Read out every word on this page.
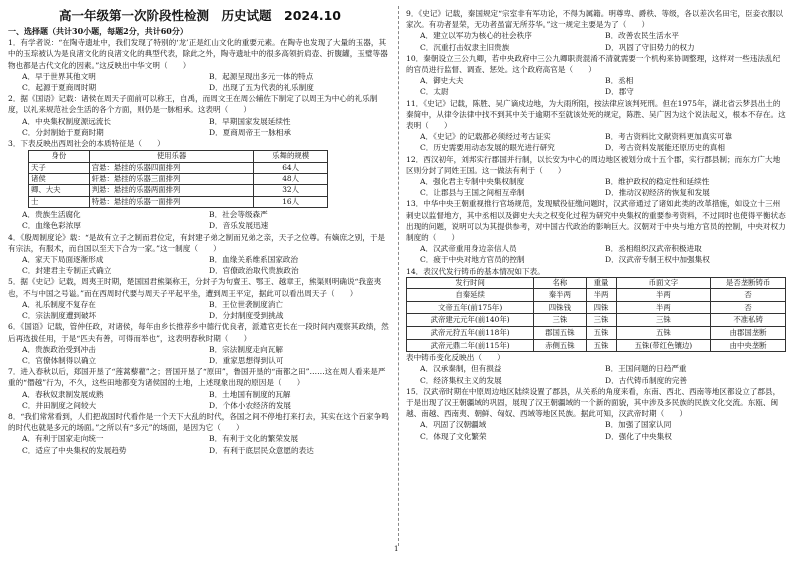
高一年级第一次阶段性检测　历史试题　2024.10

一、选择题（共计30小题，每题2分，共计60分）

1．有学者说：“在陶寺遗址中，我们发现了特别的‘龙’正是红山文化的重要元素。在陶寺也发现了大量的玉器，其中的玉琮被认为是良渚文化的良渚文化的典型代表，除此之外，陶寺遗址中的很多高领折肩壶、折腹罐，玉璧等器物也都是古代文化的因素。”这反映出中华文明（　　）

A．早于世界其他文明	B．起源呈现出多元一体的特点
C．起源于夏商周时期	D．出现了五为代表的礼乐制度

2．据《国语》记载：诸侯在周天子面前可以称王，自禹，而周文王在周公辅佐下制定了以周王为中心的礼乐制度，以礼来规范社会生活的各个方面，则仍是一脉相承。这表明（　　）

A．中央集权制度源远流长	B．早期国家发展延续性
C．分封制始于夏商时期	D．夏商周帝王一脉相承

3．下表反映出西周社会的本质特征是（　　）

身份	使用乐器	乐舞的规模
天子	宫悬：悬挂的乐器四面排列	64人
诸侯	轩悬：悬挂的乐器三面排列	48人
卿、大夫	判悬：悬挂的乐器两面排列	32人
士	特悬：悬挂的乐器一面排列	16人
A．贵族生活腐化	B．社会等级森严
C．血缘色彩浓厚	D．音乐发展迅速

4．《殷周制度论》载：“是故有立子之制而君位定，有封建子弟之制而兄弟之亲，天子之位尊。有嫡庶之别，于是有宗法，有服术，而自国以至天下合为一家。”这一制度（　　）

A．家天下局面逐渐形成	B．血缘关系维系国家政治
C．封建君主专制正式确立	D．官僚政治取代贵族政治

5．据《史记》记载，周夷王时期，楚国国君熊渠称王，分封子为句亶王、鄂王、越章王，熊渠则明确说“我蛮夷也，不与中国之号谥。”而在西周时代要与周天子平起平坐，遭到周王平定，据此可以看出周天子（　　）

A．礼乐制度不复存在	B．王位世袭制度消亡
C．宗法制度遭到破坏	D．分封制度受到挑战

6．《国语》记载，管仲任政，对诸侯，每年由乡长推荐乡中德行优良者，派遣官吏长在一段时间内观察其政绩，然后再选拔任用，于是“匹夫有善，可得而举也”，这表明春秋时期（　　）

A．贵族政治受到冲击	B．宗法制度走向瓦解
C．官僚体制得以确立	D．重家思想得到认可

7．进入春秋以后，郑国开垦了“莲蒿藜藋”之；晋国开垦了“原田”，鲁国开垦的“南都之田”……这在周人看来是严重的“僭越”行为，不久，这些田地都变为诸侯国的土地，上述现象出现的原因是（　　）

A．春秋奴隶制发展成熟	B．土地国有制度的瓦解
C．井田制度之间较大	D．个体小农经济的发展

8．“我们常常看到，人们把战国时代看作是一个天下大乱的时代，各国之间不停地打来打去，其实在这个百家争鸣的时代也就是多元的场面。”之所以有“多元”的场面，是因为它（　　）

A．有利于国家走向统一	B．有利于文化的繁荣发展
C．适应了中央集权的发展趋势	D．有利于底层民众意愿的表达

9．《史记》记载，秦国规定“宗室非有军功论，不得为属籍。明尊卑、爵秩、等级，各以差次名田宅，臣妾衣服以家次。有功者显荣，无功者虽富无所芬华。”这一规定主要是为了（　　）

A．建立以军功为核心的社会秩序	B．改善农民生活水平
C．沉重打击奴隶主旧贵族	D．巩固了守旧势力的权力

10．秦朝设立三公九卿，若中央政府中三公九卿职责混淆不清就需要一个机构来协调整理，这样对一些违法乱纪的官员进行监督、调查、惩处。这个政府高官是（　　）

A．御史大夫	B．丞相
C．太尉	D．郡守

11．《史记》记载，陈胜、吴广谪戍边地，为大雨所阻，按法律应该判死刑。但在1975年，湖北省云梦县出土的秦简中，从律令法律中找不到其中关于逾期不至就该处死的规定，陈胜、吴广因为这个说法起义，根本不存在。这表明（　　）

A．《史记》的记载都必须经过考古证实	B．考古资料比文献资料更加真实可靠
C．历史需要用动态发展的眼光进行研究	D．考古资料发展能还原历史的真相

12．西汉初年，刘邦实行郡国并行制，以长安为中心的周边地区被划分成十五个郡，实行郡县制；而东方广大地区则分封了同姓王国。这一做法有利于（　　）

A．强化君主专制中央集权制度	B．维护政权的稳定性和延续性
C．让郡县与王国之间相互牵制	D．推动汉初经济的恢复和发展

13．中华中央王朝重视推行官场规范，发现赋役征缴问题时，汉武帝通过了诸如此类的改革措施，如设立十三州刺史以监督地方，其中丞相以及御史大夫之权变化过程为研究中央集权的重要参考资料，不过同时也使得平衡状态出现的问题，说明可以为其提供参考，对中国古代政治的影响巨大。汉朝对于中央与地方官员的控制，中央对权力制度的（　　）

A．汉武帝重用身边亲信人员	B．丞相组织汉武帝积极进取
C．疲于中央对地方官员的控制	D．汉武帝专制王权中加强集权

14．表汉代发行铸币的基本情况如下表。

发行时间	名称	重量	币面文字	是否垄断铸币
自秦延续	秦半两	半两	半两	否
文帝五年(前175年)	四铢钱	四铢	半两	否
武帝建元元年(前140年)	三铢	三铢	三铢	不准私铸
武帝元狩五年(前118年)	郡国五铢	五铢	五铢	由郡国垄断
武帝元鼎二年(前115年)	赤侧五铢	五铢	五铢(带红色镶边)	由中央垄断

表中铸币变化反映出（　　）

A．汉承秦制，但有损益	B．王国问题的日趋严重
C．经济集权主义的发展	D．古代铸币制度的完善

15．汉武帝时期在中原周边地区陆续设置了郡县，从关系的角度来看，东南、西北、西南等地区都设立了郡县，于是出现了汉王朝疆域的巩固，展现了汉王朝疆域的一个新的面貌，其中涉及多民族的民族文化交流。东瓯、闽越、南越、西南夷、朝鲜、匈奴、西域等地区民族。据此可知，汉武帝时期（　　）

A．巩固了汉朝疆域	B．加强了国家认同
C．体现了文化繁荣	D．强化了中央集权
1
